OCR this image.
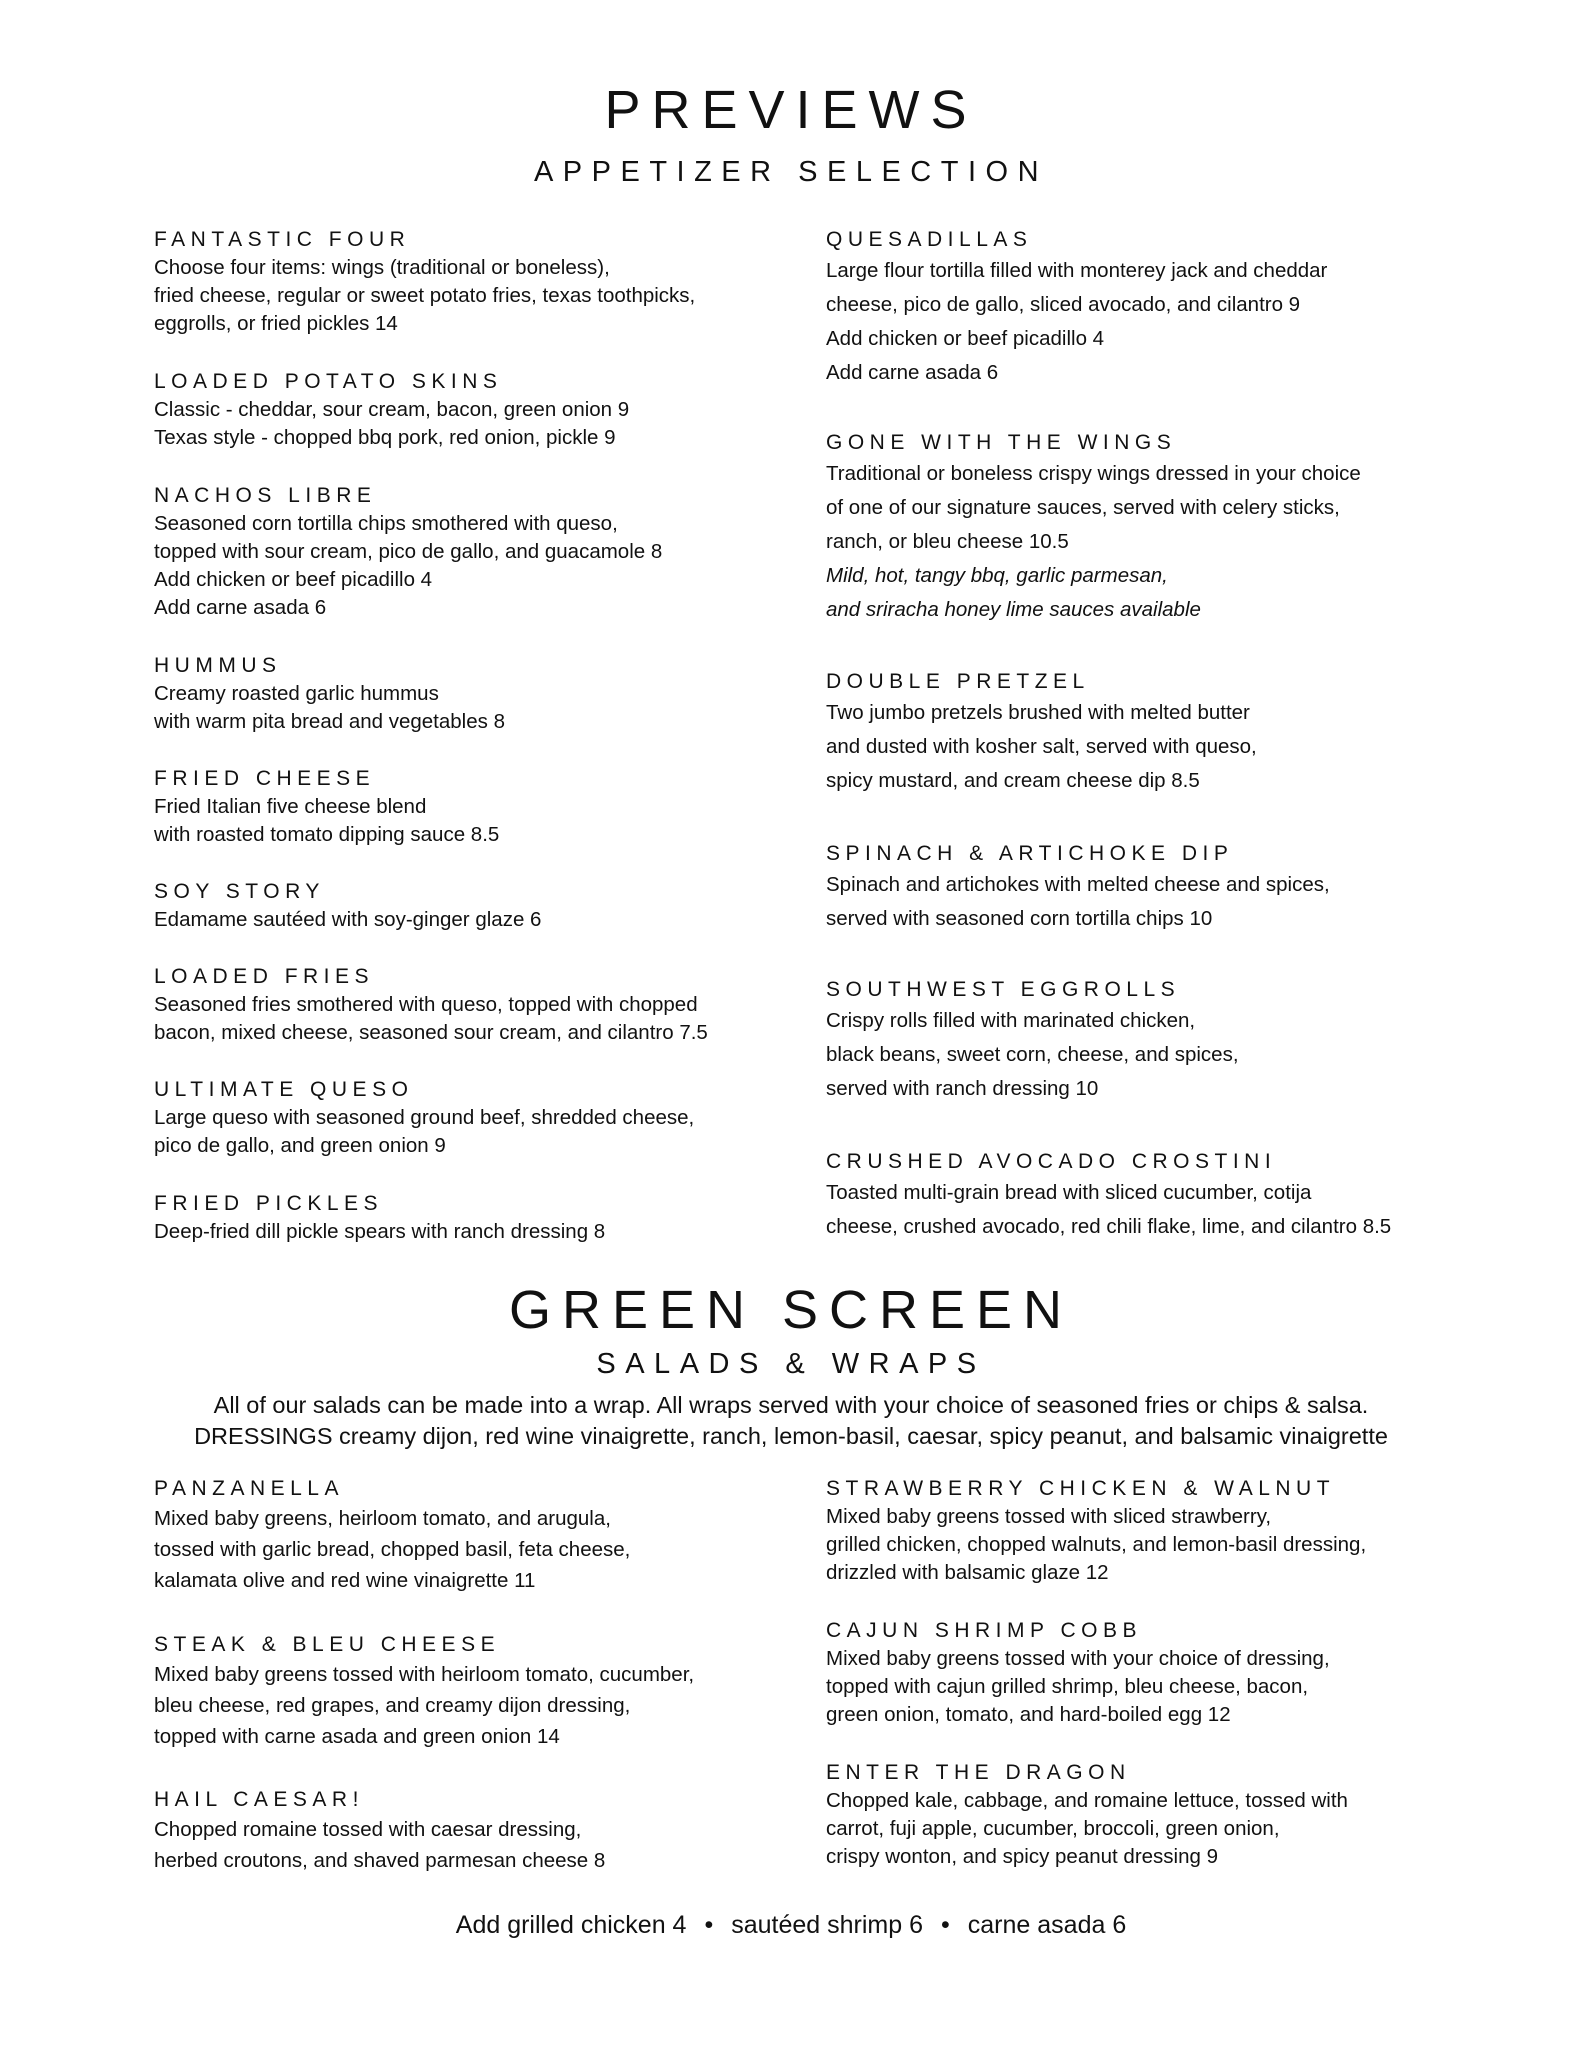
PREVIEWS
APPETIZER SELECTION
FANTASTIC FOUR
Choose four items: wings (traditional or boneless),
fried cheese, regular or sweet potato fries, texas toothpicks,
eggrolls, or fried pickles 14
LOADED POTATO SKINS
Classic - cheddar, sour cream, bacon, green onion 9
Texas style - chopped bbq pork, red onion, pickle 9
NACHOS LIBRE
Seasoned corn tortilla chips smothered with queso,
topped with sour cream, pico de gallo, and guacamole 8
Add chicken or beef picadillo 4
Add carne asada 6
HUMMUS
Creamy roasted garlic hummus
with warm pita bread and vegetables 8
FRIED CHEESE
Fried Italian five cheese blend
with roasted tomato dipping sauce 8.5
SOY STORY
Edamame sautéed with soy-ginger glaze 6
LOADED FRIES
Seasoned fries smothered with queso, topped with chopped
bacon, mixed cheese, seasoned sour cream, and cilantro 7.5
ULTIMATE QUESO
Large queso with seasoned ground beef, shredded cheese,
pico de gallo, and green onion 9
FRIED PICKLES
Deep-fried dill pickle spears with ranch dressing 8
QUESADILLAS
Large flour tortilla filled with monterey jack and cheddar
cheese, pico de gallo, sliced avocado, and cilantro 9
Add chicken or beef picadillo 4
Add carne asada 6
GONE WITH THE WINGS
Traditional or boneless crispy wings dressed in your choice
of one of our signature sauces, served with celery sticks,
ranch, or bleu cheese 10.5
Mild, hot, tangy bbq, garlic parmesan,
and sriracha honey lime sauces available
DOUBLE PRETZEL
Two jumbo pretzels brushed with melted butter
and dusted with kosher salt, served with queso,
spicy mustard, and cream cheese dip 8.5
SPINACH & ARTICHOKE DIP
Spinach and artichokes with melted cheese and spices,
served with seasoned corn tortilla chips 10
SOUTHWEST EGGROLLS
Crispy rolls filled with marinated chicken,
black beans, sweet corn, cheese, and spices,
served with ranch dressing 10
CRUSHED AVOCADO CROSTINI
Toasted multi-grain bread with sliced cucumber, cotija
cheese, crushed avocado, red chili flake, lime, and cilantro 8.5
GREEN SCREEN
SALADS & WRAPS
All of our salads can be made into a wrap. All wraps served with your choice of seasoned fries or chips & salsa.
DRESSINGS creamy dijon, red wine vinaigrette, ranch, lemon-basil, caesar, spicy peanut, and balsamic vinaigrette
PANZANELLA
Mixed baby greens, heirloom tomato, and arugula,
tossed with garlic bread, chopped basil, feta cheese,
kalamata olive and red wine vinaigrette 11
STEAK & BLEU CHEESE
Mixed baby greens tossed with heirloom tomato, cucumber,
bleu cheese, red grapes, and creamy dijon dressing,
topped with carne asada and green onion 14
HAIL CAESAR!
Chopped romaine tossed with caesar dressing,
herbed croutons, and shaved parmesan cheese 8
STRAWBERRY CHICKEN & WALNUT
Mixed baby greens tossed with sliced strawberry,
grilled chicken, chopped walnuts, and lemon-basil dressing,
drizzled with balsamic glaze 12
CAJUN SHRIMP COBB
Mixed baby greens tossed with your choice of dressing,
topped with cajun grilled shrimp, bleu cheese, bacon,
green onion, tomato, and hard-boiled egg 12
ENTER THE DRAGON
Chopped kale, cabbage, and romaine lettuce, tossed with
carrot, fuji apple, cucumber, broccoli, green onion,
crispy wonton, and spicy peanut dressing 9
Add grilled chicken 4 • sautéed shrimp 6 • carne asada 6
